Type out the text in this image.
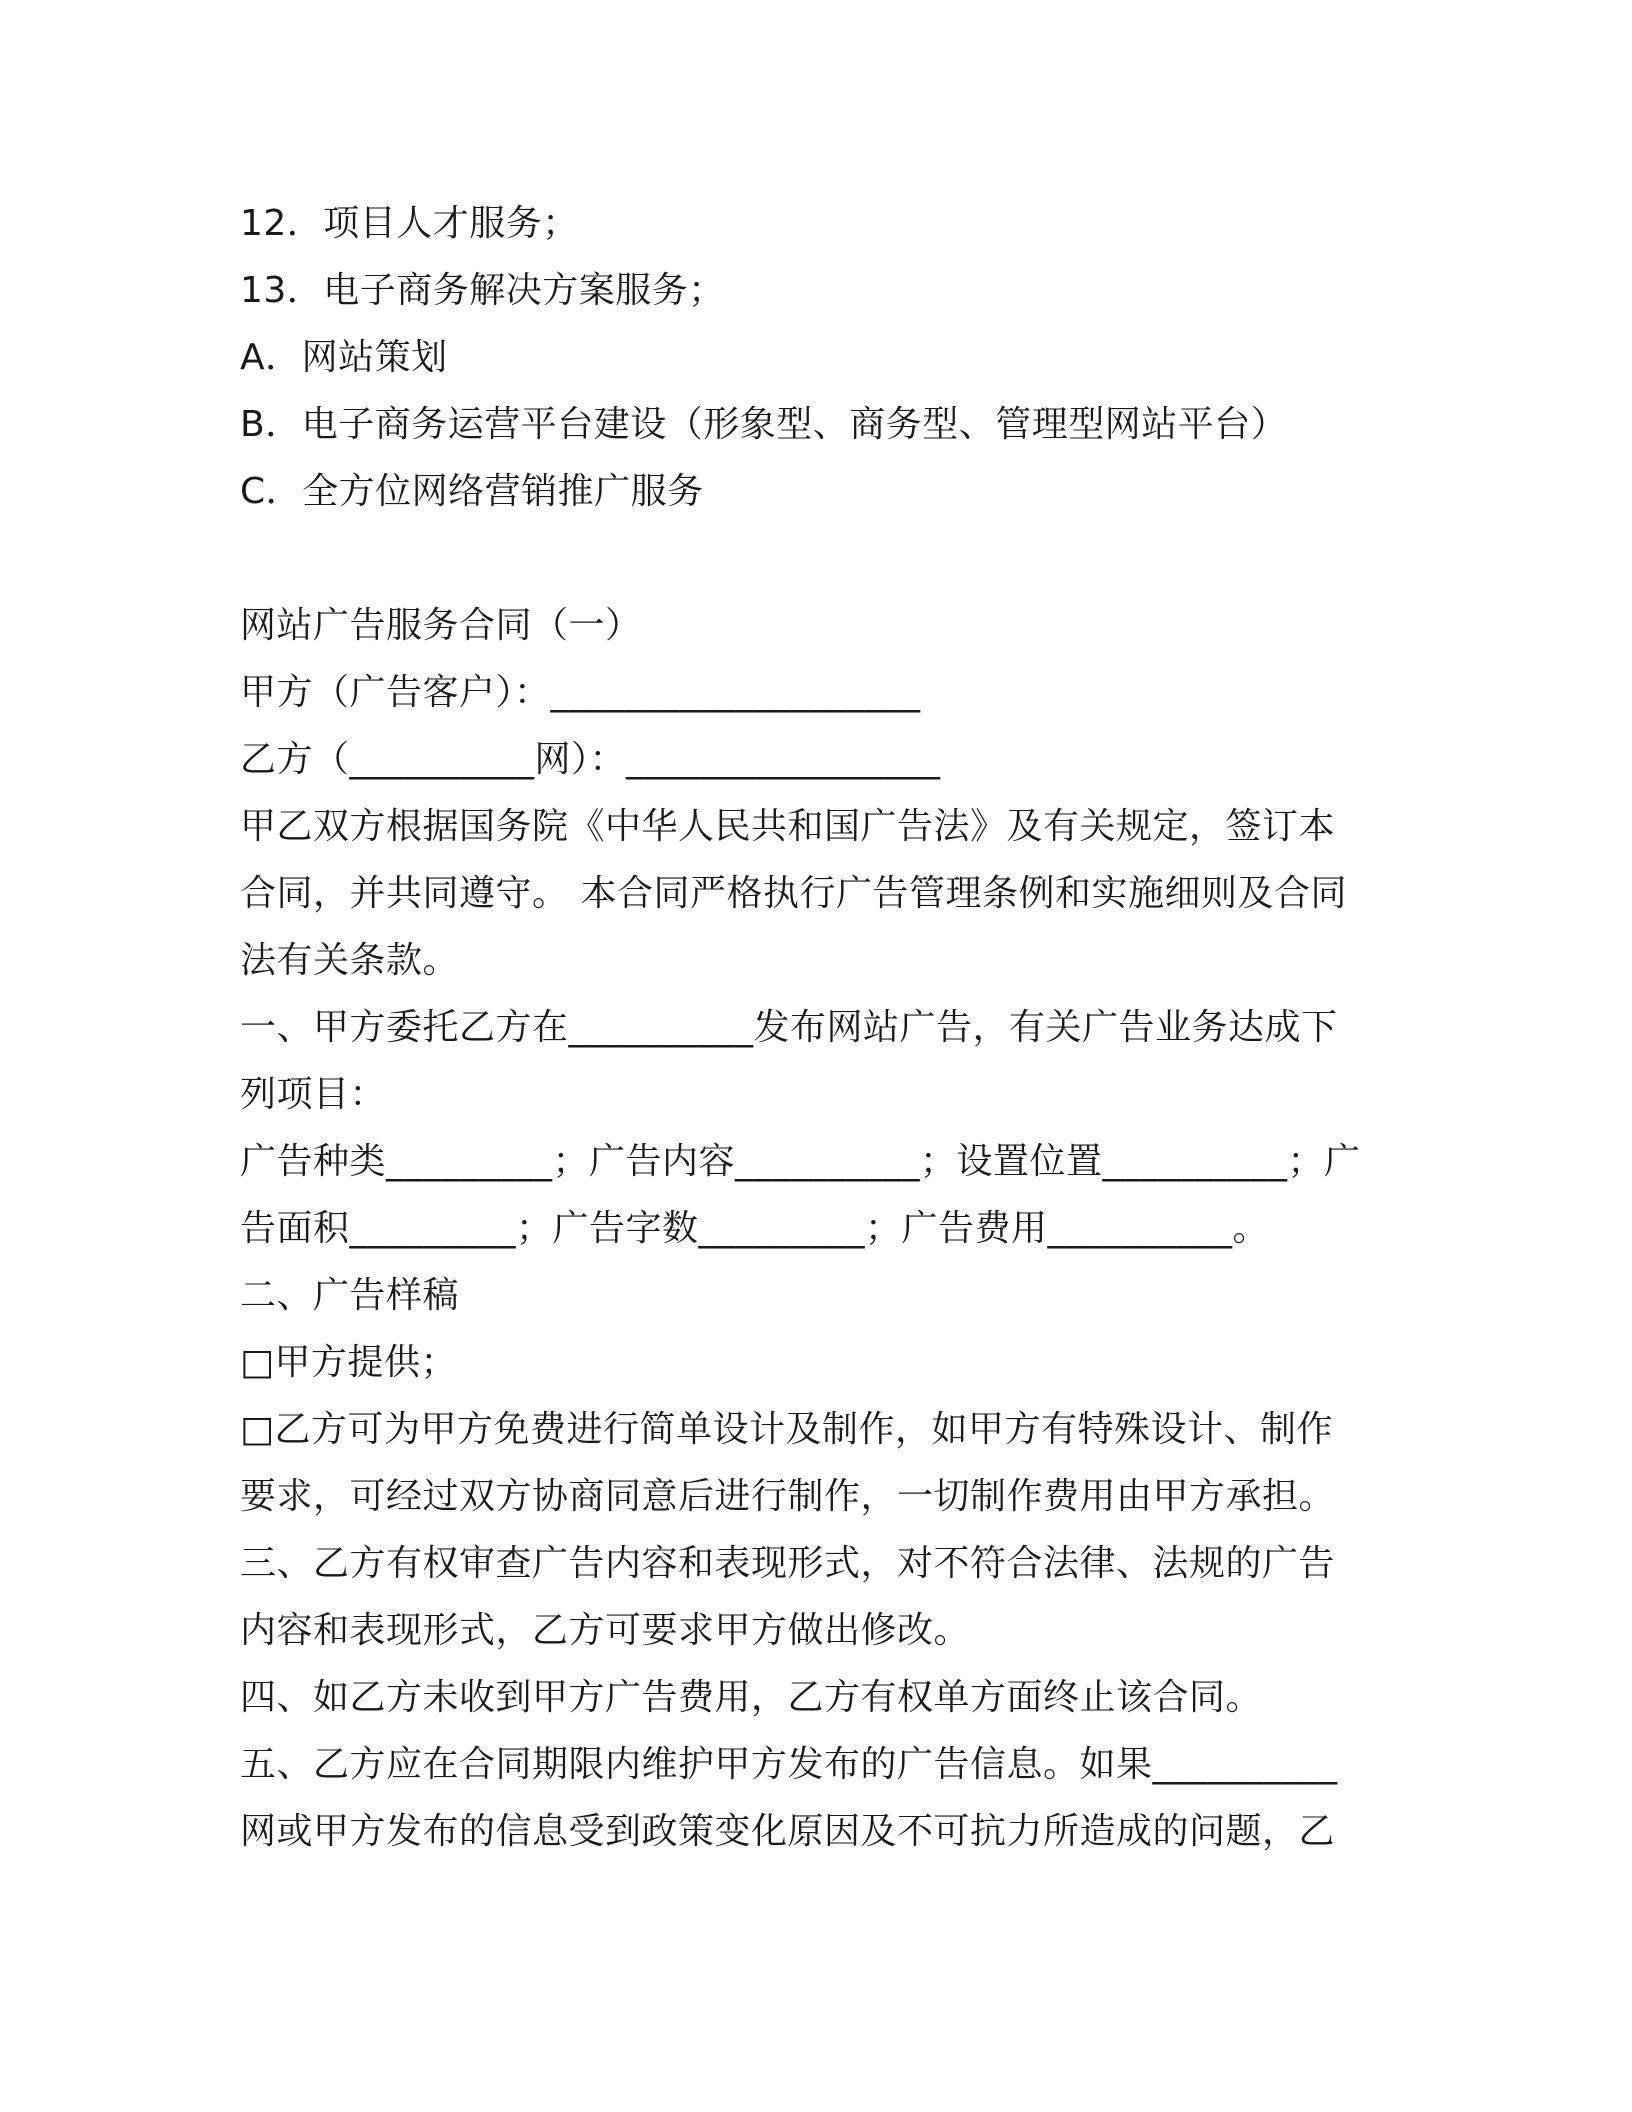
12．项目人才服务；
13．电子商务解决方案服务；
A．网站策划
B．电子商务运营平台建设（形象型、商务型、管理型网站平台）
C．全方位网络营销推广服务
网站广告服务合同（一）
甲方（广告客户）：____________________
乙方（__________网）：_________________
甲乙双方根据国务院《中华人民共和国广告法》及有关规定，签订本
合同，并共同遵守。 本合同严格执行广告管理条例和实施细则及合同
法有关条款。
一、甲方委托乙方在__________发布网站广告，有关广告业务达成下
列项目：
广告种类_________；广告内容__________；设置位置__________；广
告面积_________；广告字数_________；广告费用__________。
二、广告样稿
□甲方提供；
□乙方可为甲方免费进行简单设计及制作，如甲方有特殊设计、制作
要求，可经过双方协商同意后进行制作，一切制作费用由甲方承担。
三、乙方有权审查广告内容和表现形式，对不符合法律、法规的广告
内容和表现形式，乙方可要求甲方做出修改。
四、如乙方未收到甲方广告费用，乙方有权单方面终止该合同。
五、乙方应在合同期限内维护甲方发布的广告信息。如果__________
网或甲方发布的信息受到政策变化原因及不可抗力所造成的问题，乙
